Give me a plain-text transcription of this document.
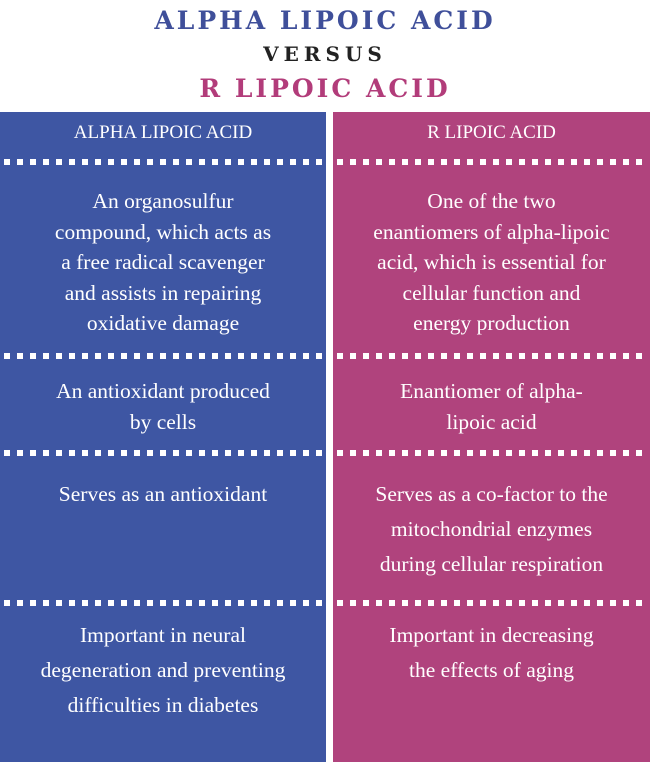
ALPHA LIPOIC ACID
VERSUS
R LIPOIC ACID
ALPHA LIPOIC ACID
An organosulfur
compound, which acts as
a free radical scavenger
and assists in repairing
oxidative damage
An antioxidant produced
by cells
Serves as an antioxidant
Important in neural
degeneration and preventing
difficulties in diabetes
R LIPOIC ACID
One of the two
enantiomers of alpha-lipoic
acid, which is essential for
cellular function and
energy production
Enantiomer of alpha-
lipoic acid
Serves as a co-factor to the
mitochondrial enzymes
during cellular respiration
Important in decreasing
the effects of aging
